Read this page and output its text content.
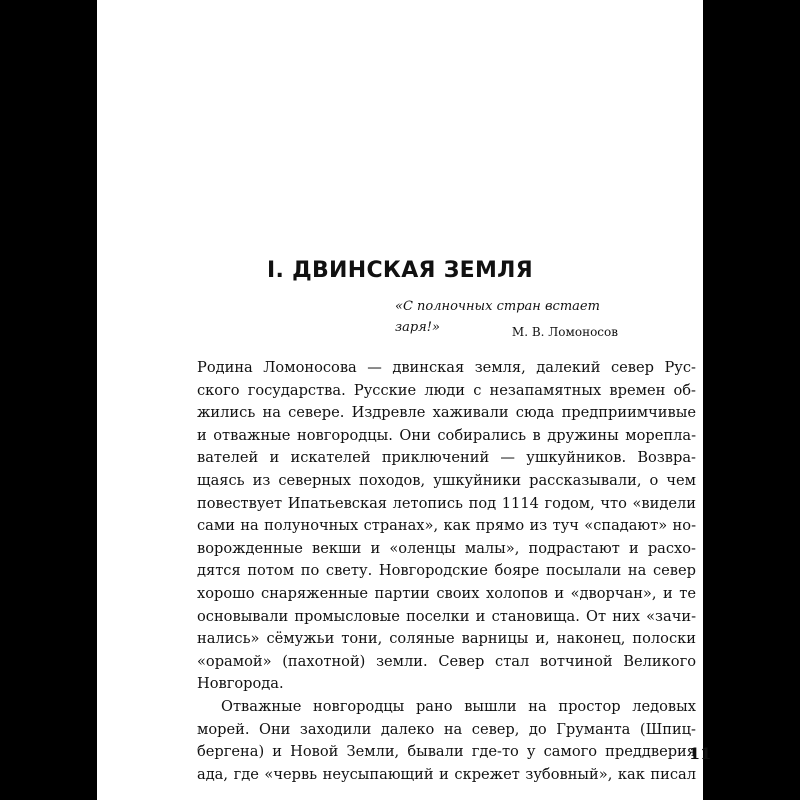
I. ДВИНСКАЯ ЗЕМЛЯ
«С полночных стран встает
заря!»	М. В. Ломоносов
Родина Ломоносова — двинская земля, далекий север Рус-
ского государства. Русские люди с незапамятных времен об-
жились на севере. Издревле хаживали сюда предприимчивые
и отважные новгородцы. Они собирались в дружины морепла-
вателей и искателей приключений — ушкуйников. Возвра-
щаясь из северных походов, ушкуйники рассказывали, о чем
повествует Ипатьевская летопись под 1114 годом, что «видели
сами на полуночных странах», как прямо из туч «спадают» но-
ворожденные векши и «оленцы малы», подрастают и расхо-
дятся потом по свету. Новгородские бояре посылали на север
хорошо снаряженные партии своих холопов и «дворчан», и те
основывали промысловые поселки и становища. От них «зачи-
нались» сёмужьи тони, соляные варницы и, наконец, полоски
«орамой» (пахотной) земли. Север стал вотчиной Великого
Новгорода.
Отважные новгородцы рано вышли на простор ледовых
морей. Они заходили далеко на север, до Груманта (Шпиц-
бергена) и Новой Земли, бывали где-то у самого преддверия
ада, где «червь неусыпающий и скрежет зубовный», как писал
11
